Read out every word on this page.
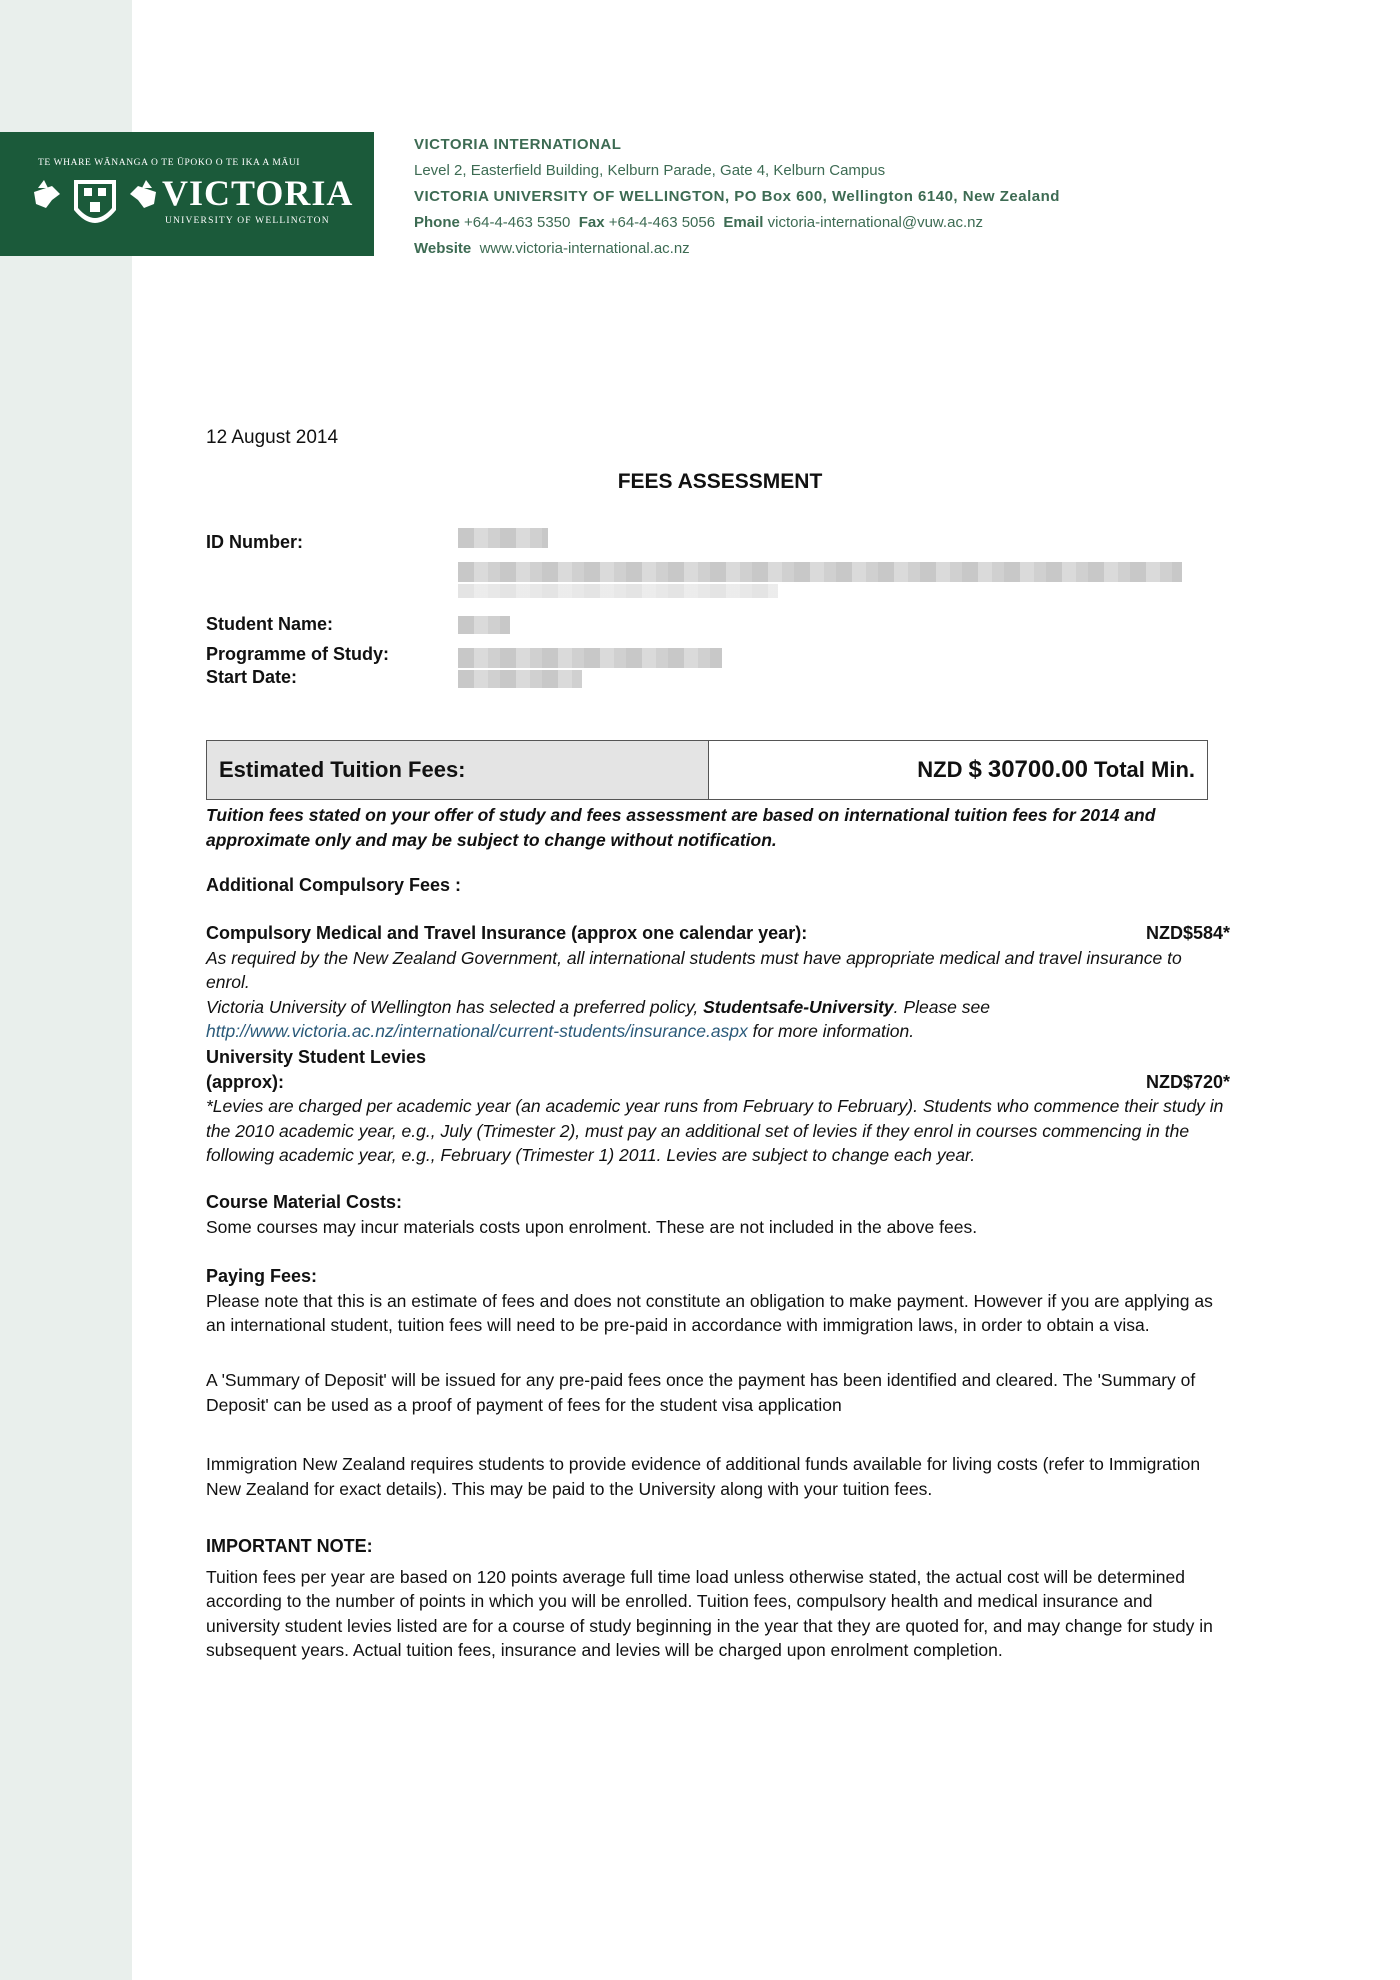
TE WHARE WĀNANGA O TE ŪPOKO O TE IKA A MĀUI
VICTORIA
UNIVERSITY OF WELLINGTON
VICTORIA INTERNATIONAL
Level 2, Easterfield Building, Kelburn Parade, Gate 4, Kelburn Campus
VICTORIA UNIVERSITY OF WELLINGTON, PO Box 600, Wellington 6140, New Zealand
Phone +64-4-463 5350 Fax +64-4-463 5056 Email victoria-international@vuw.ac.nz
Website www.victoria-international.ac.nz
12 August 2014
FEES ASSESSMENT
ID Number:
Student Name:
Programme of Study:
Start Date:
Estimated Tuition Fees:	NZD $ 30700.00 Total Min.
Tuition fees stated on your offer of study and fees assessment are based on international tuition fees for 2014 and approximate only and may be subject to change without notification.
Additional Compulsory Fees :
Compulsory Medical and Travel Insurance (approx one calendar year):	NZD$584*
As required by the New Zealand Government, all international students must have appropriate medical and travel insurance to enrol.
Victoria University of Wellington has selected a preferred policy, Studentsafe-University. Please see
http://www.victoria.ac.nz/international/current-students/insurance.aspx for more information.
University Student Levies
(approx):	NZD$720*
*Levies are charged per academic year (an academic year runs from February to February). Students who commence their study in the 2010 academic year, e.g., July (Trimester 2), must pay an additional set of levies if they enrol in courses commencing in the following academic year, e.g., February (Trimester 1) 2011. Levies are subject to change each year.
Course Material Costs:
Some courses may incur materials costs upon enrolment. These are not included in the above fees.
Paying Fees:
Please note that this is an estimate of fees and does not constitute an obligation to make payment. However if you are applying as an international student, tuition fees will need to be pre-paid in accordance with immigration laws, in order to obtain a visa.
A 'Summary of Deposit' will be issued for any pre-paid fees once the payment has been identified and cleared. The 'Summary of Deposit' can be used as a proof of payment of fees for the student visa application
Immigration New Zealand requires students to provide evidence of additional funds available for living costs (refer to Immigration New Zealand for exact details). This may be paid to the University along with your tuition fees.
IMPORTANT NOTE:
Tuition fees per year are based on 120 points average full time load unless otherwise stated, the actual cost will be determined according to the number of points in which you will be enrolled. Tuition fees, compulsory health and medical insurance and university student levies listed are for a course of study beginning in the year that they are quoted for, and may change for study in subsequent years. Actual tuition fees, insurance and levies will be charged upon enrolment completion.
